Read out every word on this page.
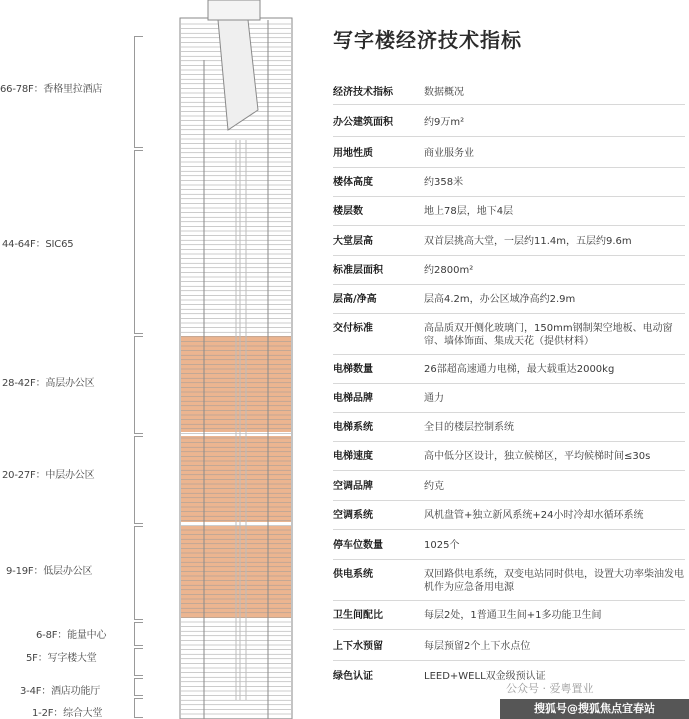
66-78F：香格里拉酒店
44-64F：SIC65
28-42F：高层办公区
20-27F：中层办公区
9-19F：低层办公区
6-8F：能量中心
5F：写字楼大堂
3-4F：酒店功能厅
1-2F：综合大堂
写字楼经济技术指标
经济技术指标	数据概况
办公建筑面积	约9万m²
用地性质	商业服务业
楼体高度	约358米
楼层数	地上78层，地下4层
大堂层高	双首层挑高大堂，一层约11.4m，五层约9.6m
标准层面积	约2800m²
层高/净高	层高4.2m，办公区域净高约2.9m
交付标准	高品质双开侧化玻璃门，150mm钢制架空地板、电动窗帘、墙体饰面、集成天花（提供材料）
电梯数量	26部超高速通力电梯，最大载重达2000kg
电梯品牌	通力
电梯系统	全目的楼层控制系统
电梯速度	高中低分区设计，独立候梯区，平均候梯时间≤30s
空调品牌	约克
空调系统	风机盘管+独立新风系统+24小时冷却水循环系统
停车位数量	1025个
供电系统	双回路供电系统，双变电站同时供电，设置大功率柴油发电机作为应急备用电源
卫生间配比	每层2处，1普通卫生间+1多功能卫生间
上下水预留	每层预留2个上下水点位
绿色认证	LEED+WELL双金级预认证
公众号 · 爱粤置业
搜狐号@搜狐焦点宜春站
